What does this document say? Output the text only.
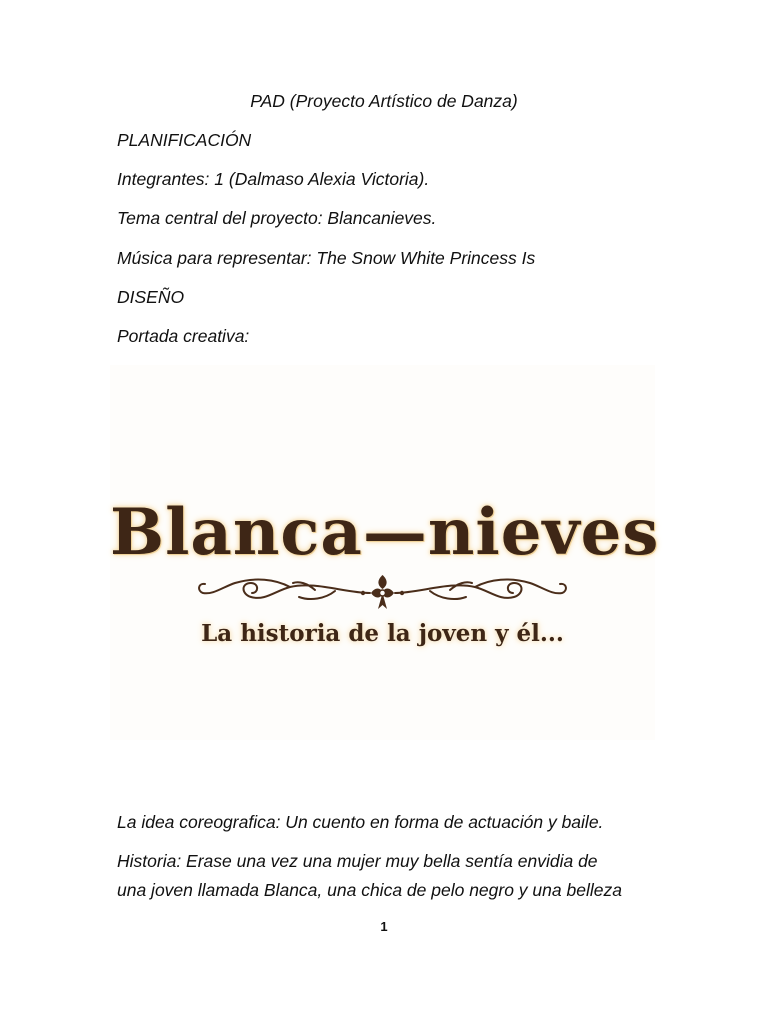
PAD (Proyecto Artístico de Danza)
PLANIFICACIÓN
Integrantes: 1 (Dalmaso Alexia Victoria).
Tema central del proyecto: Blancanieves.
Música para representar: The Snow White Princess Is
DISEÑO
Portada creativa:
Blanca—nieves
La historia de la joven y él...
La idea coreografica: Un cuento en forma de actuación y baile.
Historia: Erase una vez una mujer muy bella sentía envidia de
una joven llamada Blanca, una chica de pelo negro y una belleza
1
